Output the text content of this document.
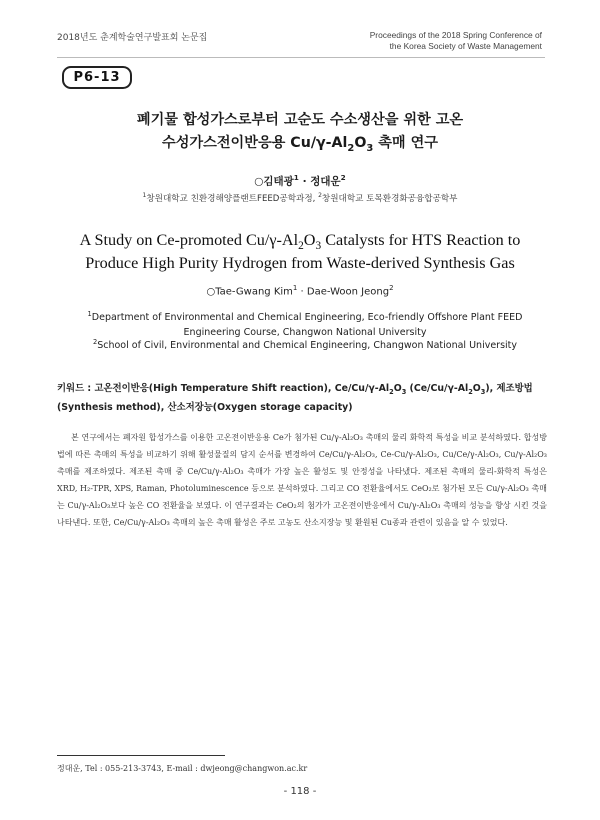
2018년도 춘계학술연구발표회 논문집	Proceedings of the 2018 Spring Conference of
the Korea Society of Waste Management
P6-13
폐기물 합성가스로부터 고순도 수소생산을 위한 고온
수성가스전이반응용 $Cu/\gamma-Al_2O_3$ 촉매 연구
○김태광$^1$ · 정대운$^2$
$^1$창원대학교 친환경해양플랜트FEED공학과정, $^2$창원대학교 토목환경화공융합공학부
A Study on Ce-promoted $Cu/\gamma-Al_2O_3$ Catalysts for HTS Reaction to
Produce High Purity Hydrogen from Waste-derived Synthesis Gas
○Tae-Gwang Kim$^1$ · Dae-Woon Jeong$^2$
$^1$Department of Environmental and Chemical Engineering, Eco-friendly Offshore Plant FEED
Engineering Course, Changwon National University
$^2$School of Civil, Environmental and Chemical Engineering, Changwon National University
키워드 : 고온전이반응(High Temperature Shift reaction), $Ce/Cu/\gamma-Al_2O_3$ $(Ce/Cu/\gamma-Al_2O_3)$, 제조방법(Synthesis method), 산소저장능(Oxygen storage capacity)

본 연구에서는 폐자원 합성가스를 이용한 고온전이반응용 Ce가 첨가된 Cu/γ-Al₂O₃ 촉매의 물리 화학적 특성을 비교 분석하였다. 합성방법에 따른 촉매의 특성을 비교하기 위해 활성물질의 담지 순서를 변경하여 Ce/Cu/γ-Al₂O₃, Ce-Cu/γ-Al₂O₃, Cu/Ce/γ-Al₂O₃, Cu/γ-Al₂O₃ 촉매를 제조하였다. 제조된 촉매 중 Ce/Cu/γ-Al₂O₃ 촉매가 가장 높은 활성도 및 안정성을 나타냈다. 제조된 촉매의 물리-화학적 특성은 XRD, H₂-TPR, XPS, Raman, Photoluminescence 등으로 분석하였다. 그리고 CO 전환율에서도 CeO₂로 첨가된 모든 Cu/γ-Al₂O₃ 촉매는 Cu/γ-Al₂O₃보다 높은 CO 전환율을 보였다. 이 연구결과는 CeO₂의 첨가가 고온전이반응에서 Cu/γ-Al₂O₃ 촉매의 성능을 향상 시킨 것을 나타낸다. 또한, Ce/Cu/γ-Al₂O₃ 촉매의 높은 촉매 활성은 주로 고농도 산소지장능 및 환원된 Cu종과 관련이 있음을 알 수 있었다.

정대운, Tel : 055-213-3743, E-mail : dwjeong@changwon.ac.kr
- 118 -
